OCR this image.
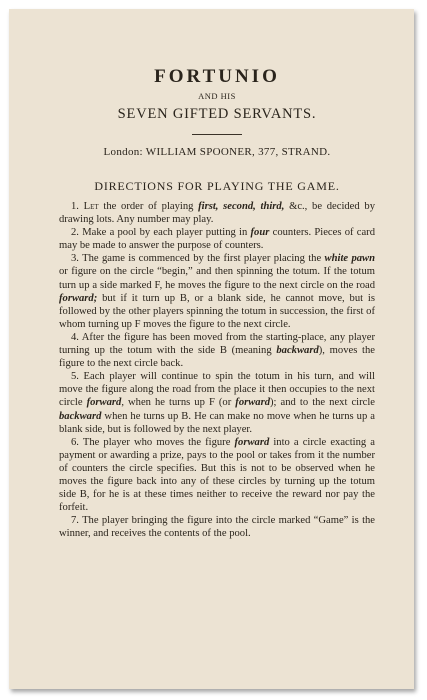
FORTUNIO
AND HIS
SEVEN GIFTED SERVANTS.
London: WILLIAM SPOONER, 377, STRAND.
DIRECTIONS FOR PLAYING THE GAME.

1. Let the order of playing first, second, third, &c., be decided by drawing lots. Any number may play.

2. Make a pool by each player putting in four counters. Pieces of card may be made to answer the purpose of counters.

3. The game is commenced by the first player placing the white pawn or figure on the circle “begin,” and then spinning the totum. If the totum turn up a side marked F, he moves the figure to the next circle on the road forward; but if it turn up B, or a blank side, he cannot move, but is followed by the other players spinning the totum in succession, the first of whom turning up F moves the figure to the next circle.

4. After the figure has been moved from the starting-place, any player turning up the totum with the side B (meaning backward), moves the figure to the next circle back.

5. Each player will continue to spin the totum in his turn, and will move the figure along the road from the place it then occupies to the next circle forward, when he turns up F (or forward); and to the next circle backward when he turns up B. He can make no move when he turns up a blank side, but is followed by the next player.

6. The player who moves the figure forward into a circle exacting a payment or awarding a prize, pays to the pool or takes from it the number of counters the circle specifies. But this is not to be observed when he moves the figure back into any of these circles by turning up the totum side B, for he is at these times neither to receive the reward nor pay the forfeit.

7. The player bringing the figure into the circle marked “Game” is the winner, and receives the contents of the pool.
